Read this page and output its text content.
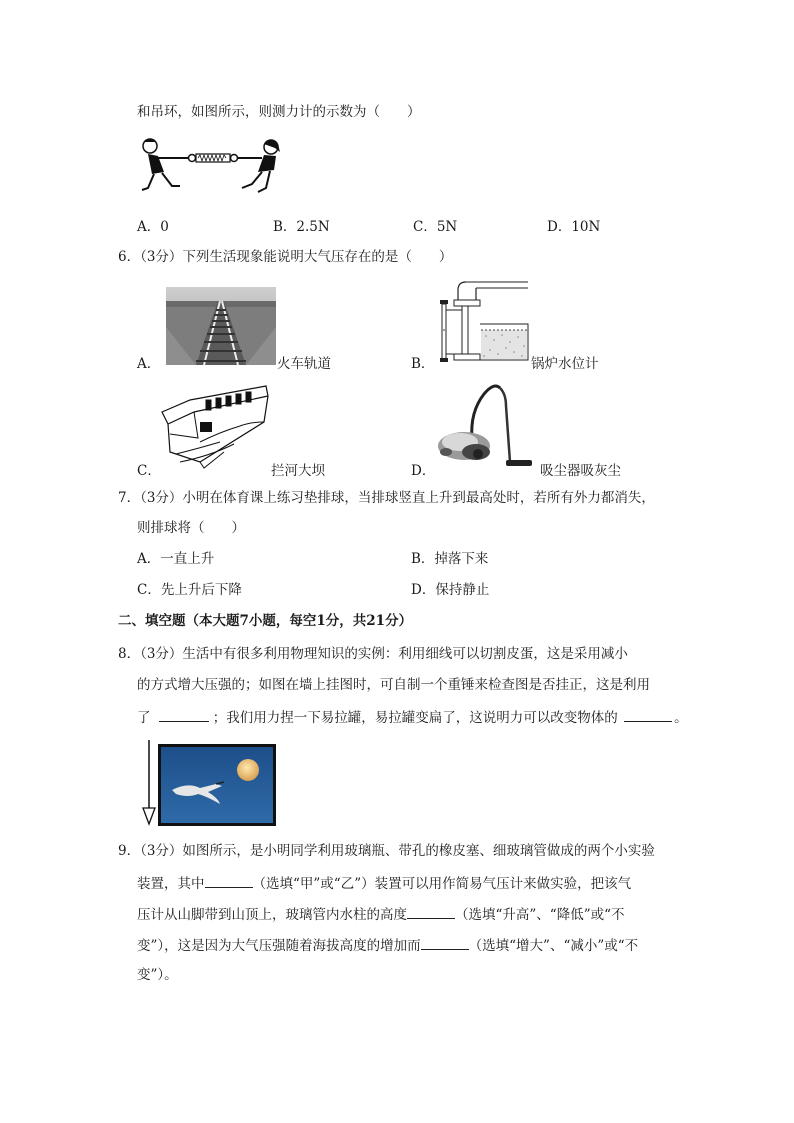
和吊环，如图所示，则测力计的示数为（　　）
A．0	B．2.5N	C．5N	D．10N
6．（3分）下列生活现象能说明大气压存在的是（　　）
A．	火车轨道	B．	锅炉水位计
C．	拦河大坝	D．	吸尘器吸灰尘
7．（3分）小明在体育课上练习垫排球，当排球竖直上升到最高处时，若所有外力都消失，
则排球将（　　）
A．一直上升	B．掉落下来
C．先上升后下降	D．保持静止
二、填空题（本大题7小题，每空1分，共21分）
8．（3分）生活中有很多利用物理知识的实例：利用细线可以切割皮蛋，这是采用减小
的方式增大压强的；如图在墙上挂图时，可自制一个重锤来检查图是否挂正，这是利用
了	；我们用力捏一下易拉罐，易拉罐变扁了，这说明力可以改变物体的	。
9．（3分）如图所示，是小明同学利用玻璃瓶、带孔的橡皮塞、细玻璃管做成的两个小实验
装置，其中	（选填“甲”或“乙”）装置可以用作简易气压计来做实验，把该气
压计从山脚带到山顶上，玻璃管内水柱的高度	（选填“升高”、“降低”或“不
变”），这是因为大气压强随着海拔高度的增加而	（选填“增大”、“减小”或“不
变”）。
